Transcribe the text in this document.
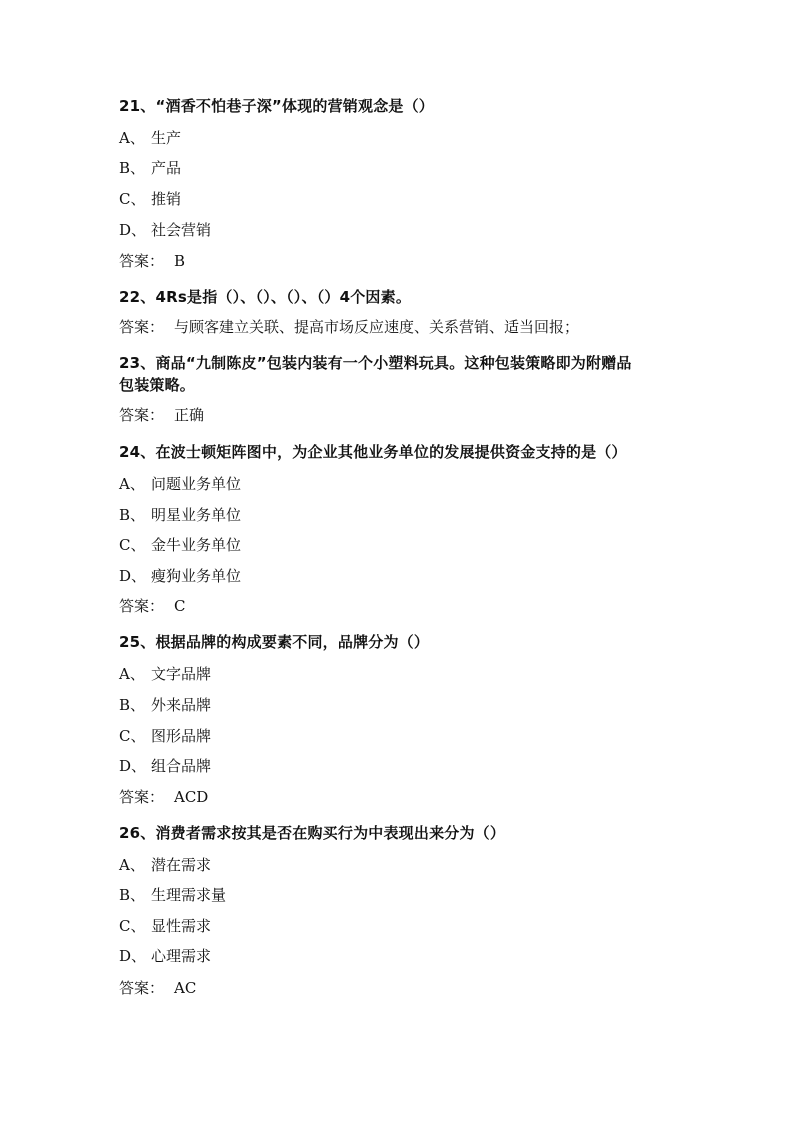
21、“酒香不怕巷子深”体现的营销观念是（）
A、 生产
B、 产品
C、 推销
D、 社会营销
答案： B
22、4Rs是指（）、（）、（）、（）4个因素。
答案： 与顾客建立关联、提高市场反应速度、关系营销、适当回报；
23、商品“九制陈皮”包装内装有一个小塑料玩具。这种包装策略即为附赠品
包装策略。
答案： 正确
24、在波士顿矩阵图中，为企业其他业务单位的发展提供资金支持的是（）
A、 问题业务单位
B、 明星业务单位
C、 金牛业务单位
D、 瘦狗业务单位
答案： C
25、根据品牌的构成要素不同，品牌分为（）
A、 文字品牌
B、 外来品牌
C、 图形品牌
D、 组合品牌
答案： ACD
26、消费者需求按其是否在购买行为中表现出来分为（）
A、 潜在需求
B、 生理需求量
C、 显性需求
D、 心理需求
答案： AC
